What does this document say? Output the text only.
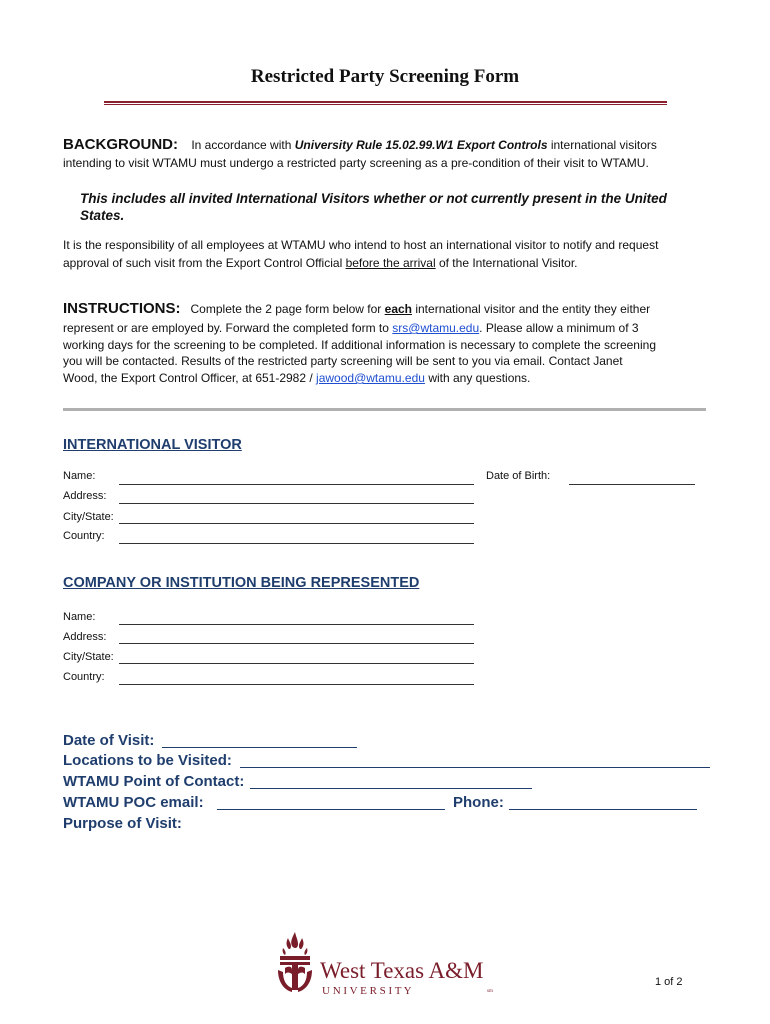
Restricted Party Screening Form
BACKGROUND: In accordance with University Rule 15.02.99.W1 Export Controls international visitors
intending to visit WTAMU must undergo a restricted party screening as a pre-condition of their visit to WTAMU.
This includes all invited International Visitors whether or not currently present in the United
States.
It is the responsibility of all employees at WTAMU who intend to host an international visitor to notify and request
approval of such visit from the Export Control Official before the arrival of the International Visitor.
INSTRUCTIONS: Complete the 2 page form below for each international visitor and the entity they either
represent or are employed by. Forward the completed form to srs@wtamu.edu. Please allow a minimum of 3
working days for the screening to be completed. If additional information is necessary to complete the screening
you will be contacted. Results of the restricted party screening will be sent to you via email. Contact Janet
Wood, the Export Control Officer, at 651-2982 / jawood@wtamu.edu with any questions.
INTERNATIONAL VISITOR
Name:	Date of Birth:
Address:
City/State:
Country:
COMPANY OR INSTITUTION BEING REPRESENTED
Name:
Address:
City/State:
Country:
Date of Visit:
Locations to be Visited:
WTAMU Point of Contact:
WTAMU POC email:	Phone:
Purpose of Visit:
West Texas A&M
U N I V E R S I T Y	sm
1 of 2
